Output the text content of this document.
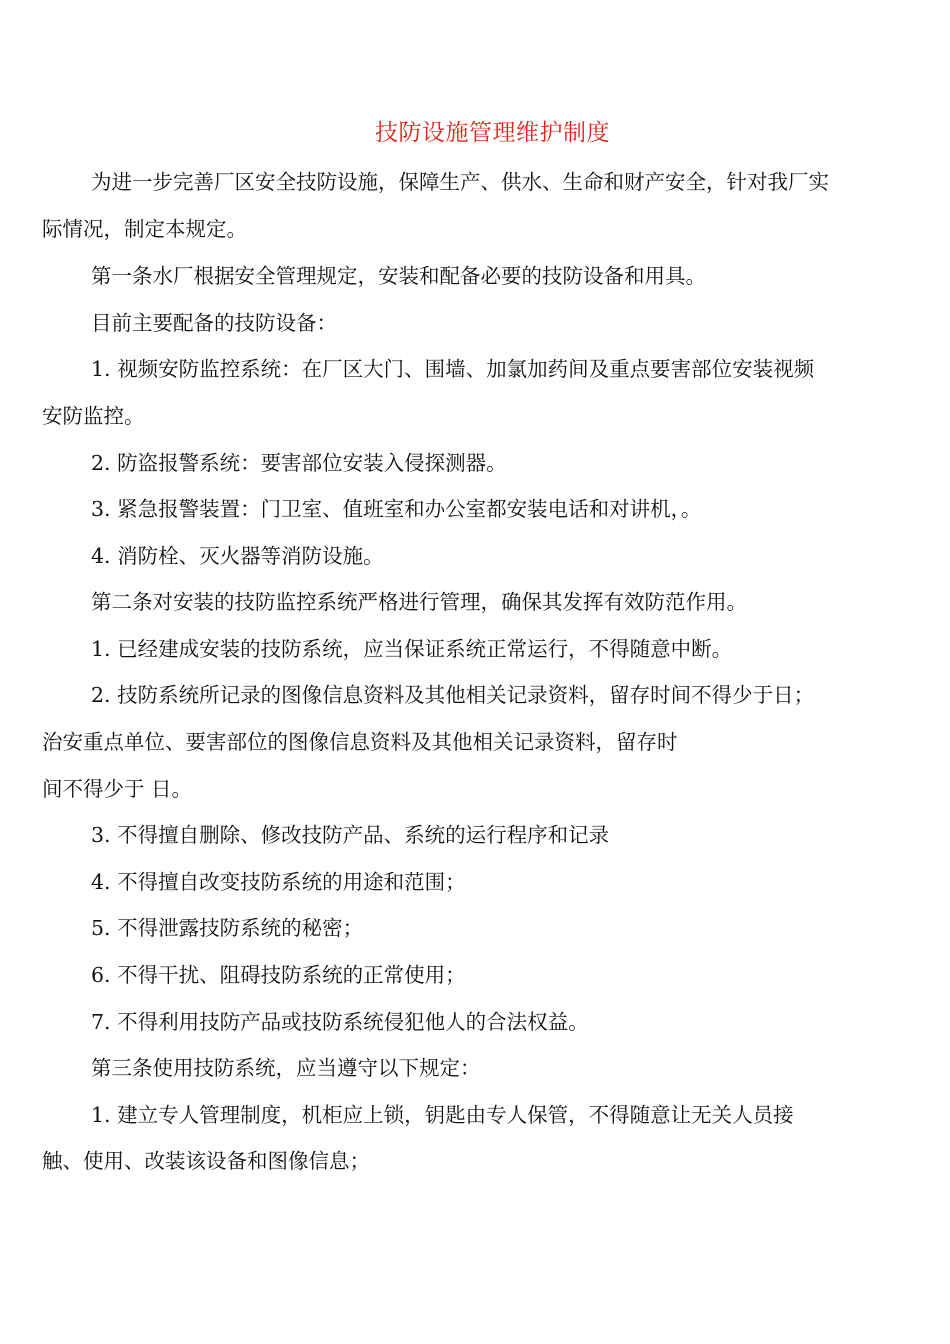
技防设施管理维护制度

为进一步完善厂区安全技防设施，保障生产、供水、生命和财产安全，针对我厂实

际情况，制定本规定。

第一条水厂根据安全管理规定，安装和配备必要的技防设备和用具。

目前主要配备的技防设备：

1. 视频安防监控系统：在厂区大门、围墙、加氯加药间及重点要害部位安装视频

安防监控。

2. 防盗报警系统：要害部位安装入侵探测器。

3. 紧急报警装置：门卫室、值班室和办公室都安装电话和对讲机，。

4. 消防栓、灭火器等消防设施。

第二条对安装的技防监控系统严格进行管理，确保其发挥有效防范作用。

1. 已经建成安装的技防系统，应当保证系统正常运行，不得随意中断。

2. 技防系统所记录的图像信息资料及其他相关记录资料，留存时间不得少于日；

治安重点单位、要害部位的图像信息资料及其他相关记录资料，留存时

间不得少于 日。

3. 不得擅自删除、修改技防产品、系统的运行程序和记录

4. 不得擅自改变技防系统的用途和范围；

5. 不得泄露技防系统的秘密；

6. 不得干扰、阻碍技防系统的正常使用；

7. 不得利用技防产品或技防系统侵犯他人的合法权益。

第三条使用技防系统，应当遵守以下规定：

1. 建立专人管理制度，机柜应上锁，钥匙由专人保管，不得随意让无关人员接

触、使用、改装该设备和图像信息；
